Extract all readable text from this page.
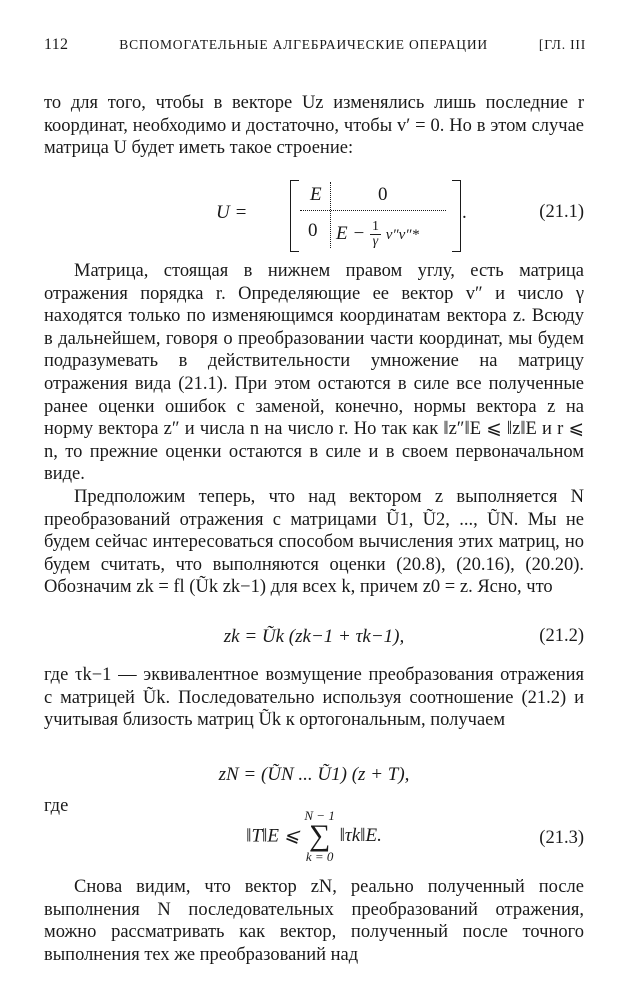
112	ВСПОМОГАТЕЛЬНЫЕ АЛГЕБРАИЧЕСКИЕ ОПЕРАЦИИ	[ГЛ. III

то для того, чтобы в векторе Uz изменялись лишь последние r координат, необходимо и достаточно, чтобы v′ = 0. Но в этом случае матрица U будет иметь такое строение:

U =
E	0
0 $E - \frac{1}{\gamma} v''v''*$
.	(21.1)

Матрица, стоящая в нижнем правом углу, есть матрица отражения порядка r. Определяющие ее вектор v″ и число γ находятся только по изменяющимся координатам вектора z. Всюду в дальнейшем, говоря о преобразовании части координат, мы будем подразумевать в действительности умножение на матрицу отражения вида (21.1). При этом остаются в силе все полученные ранее оценки ошибок с заменой, конечно, нормы вектора z на норму вектора z″ и числа n на число r. Но так как ‖z″‖E ⩽ ‖z‖E и r ⩽ n, то прежние оценки остаются в силе и в своем первоначальном виде.

Предположим теперь, что над вектором z выполняется N преобразований отражения с матрицами Ũ1, Ũ2, ..., ŨN. Мы не будем сейчас интересоваться способом вычисления этих матриц, но будем считать, что выполняются оценки (20.8), (20.16), (20.20). Обозначим zk = fl (Ũk zk−1) для всех k, причем z0 = z. Ясно, что

zk = Ũk (zk−1 + τk−1),	(21.2)

где τk−1 — эквивалентное возмущение преобразования отражения с матрицей Ũk. Последовательно используя соотношение (21.2) и учитывая близость матриц Ũk к ортогональным, получаем

zN = (ŨN ... Ũ1) (z + T),
где
‖T‖E ⩽
N − 1
∑
k = 0
‖τk‖E.	(21.3)

Снова видим, что вектор zN, реально полученный после выполнения N последовательных преобразований отражения, можно рассматривать как вектор, полученный после точного выполнения тех же преобразований над
